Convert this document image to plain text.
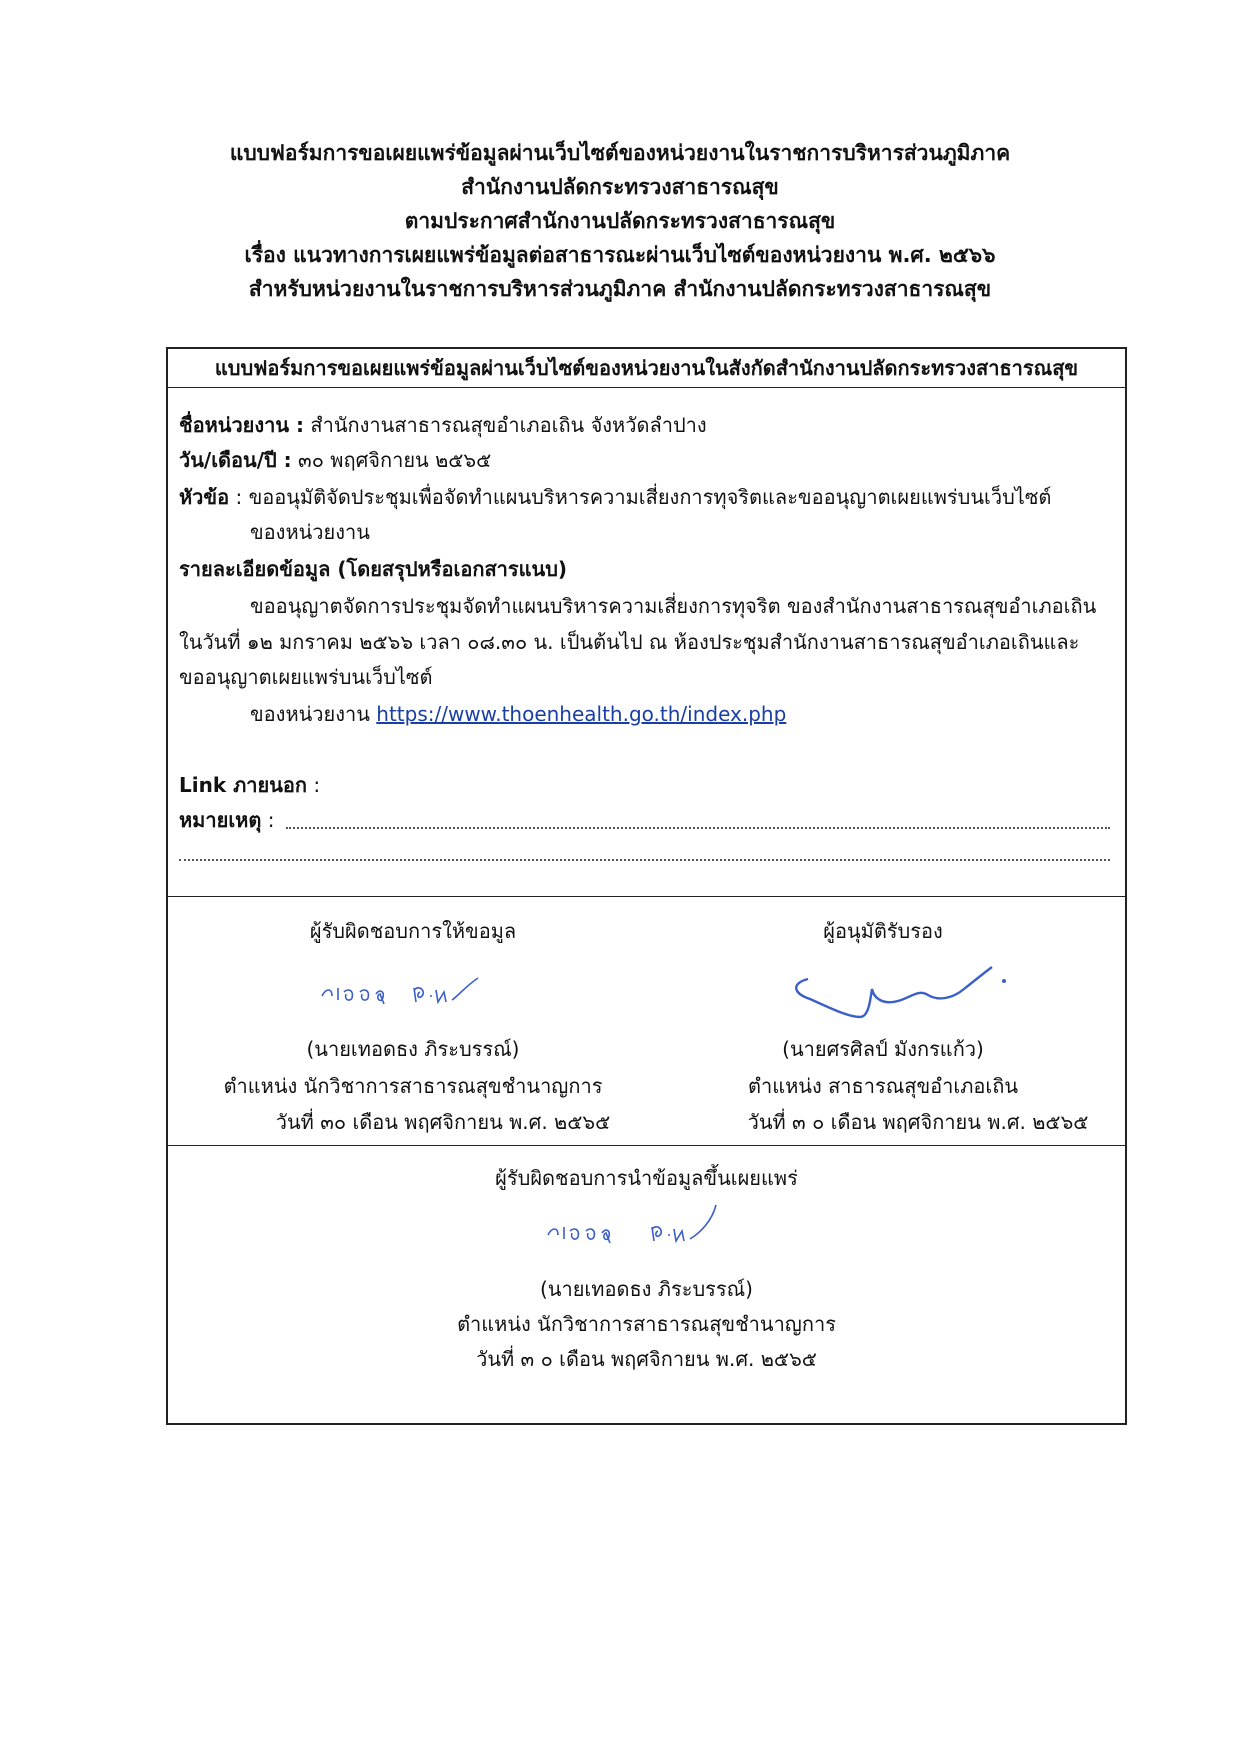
แบบฟอร์มการขอเผยแพร่ข้อมูลผ่านเว็บไซต์ของหน่วยงานในราชการบริหารส่วนภูมิภาค
สำนักงานปลัดกระทรวงสาธารณสุข
ตามประกาศสำนักงานปลัดกระทรวงสาธารณสุข
เรื่อง แนวทางการเผยแพร่ข้อมูลต่อสาธารณะผ่านเว็บไซต์ของหน่วยงาน พ.ศ. ๒๕๖๖
สำหรับหน่วยงานในราชการบริหารส่วนภูมิภาค สำนักงานปลัดกระทรวงสาธารณสุข
แบบฟอร์มการขอเผยแพร่ข้อมูลผ่านเว็บไซต์ของหน่วยงานในสังกัดสำนักงานปลัดกระทรวงสาธารณสุข
ชื่อหน่วยงาน : สำนักงานสาธารณสุขอำเภอเถิน จังหวัดลำปาง
วัน/เดือน/ปี : ๓๐ พฤศจิกายน ๒๕๖๕
หัวข้อ : ขออนุมัติจัดประชุมเพื่อจัดทำแผนบริหารความเสี่ยงการทุจริตและขออนุญาตเผยแพร่บนเว็บไซต์
ของหน่วยงาน
รายละเอียดข้อมูล (โดยสรุปหรือเอกสารแนบ)
ขออนุญาตจัดการประชุมจัดทำแผนบริหารความเสี่ยงการทุจริต ของสำนักงานสาธารณสุขอำเภอเถิน
ในวันที่ ๑๒ มกราคม ๒๕๖๖ เวลา ๐๘.๓๐ น. เป็นต้นไป ณ ห้องประชุมสำนักงานสาธารณสุขอำเภอเถินและ
ขออนุญาตเผยแพร่บนเว็บไซต์
ของหน่วยงาน https://www.thoenhealth.go.th/index.php
Link ภายนอก :
หมายเหตุ :
ผู้รับผิดชอบการให้ขอมูล
(นายเทอดธง ภิระบรรณ์)
ตำแหน่ง นักวิชาการสาธารณสุขชำนาญการ
วันที่ ๓๐ เดือน พฤศจิกายน พ.ศ. ๒๕๖๕
ผู้อนุมัติรับรอง
(นายศรศิลป์ มังกรแก้ว)
ตำแหน่ง สาธารณสุขอำเภอเถิน
วันที่ ๓ ๐ เดือน พฤศจิกายน พ.ศ. ๒๕๖๕
ผู้รับผิดชอบการนำข้อมูลขึ้นเผยแพร่
(นายเทอดธง ภิระบรรณ์)
ตำแหน่ง นักวิชาการสาธารณสุขชำนาญการ
วันที่ ๓ ๐ เดือน พฤศจิกายน พ.ศ. ๒๕๖๕
